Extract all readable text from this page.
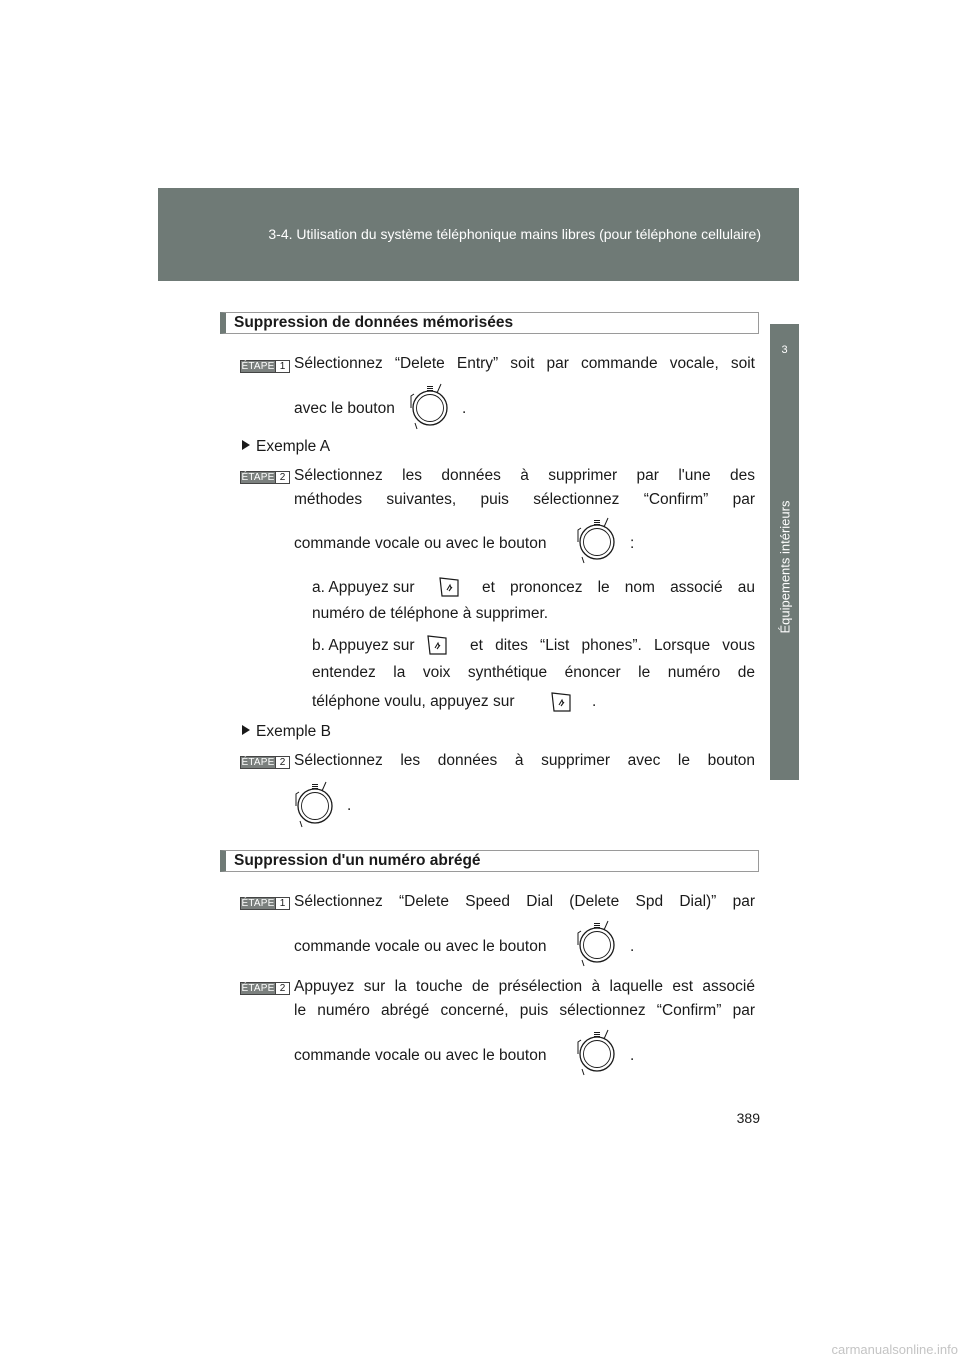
3-4. Utilisation du système téléphonique mains libres (pour téléphone cellulaire)
3
Équipements intérieurs
Suppression de données mémorisées
ÉTAPE 1 Sélectionnez “Delete Entry” soit par commande vocale, soit
avec le bouton	.
Exemple A
ÉTAPE 2 Sélectionnez les données à supprimer par l'une des
méthodes suivantes, puis sélectionnez “Confirm” par
commande vocale ou avec le bouton	:
a. Appuyez sur	et prononcez le nom associé au
numéro de téléphone à supprimer.
b. Appuyez sur	et dites “List phones”. Lorsque vous
entendez la voix synthétique énoncer le numéro de
téléphone voulu, appuyez sur	.
Exemple B
ÉTAPE 2 Sélectionnez les données à supprimer avec le bouton
.
Suppression d'un numéro abrégé
ÉTAPE 1 Sélectionnez “Delete Speed Dial (Delete Spd Dial)” par
commande vocale ou avec le bouton	.
ÉTAPE 2 Appuyez sur la touche de présélection à laquelle est associé
le numéro abrégé concerné, puis sélectionnez “Confirm” par
commande vocale ou avec le bouton	.
389
carmanualsonline.info
